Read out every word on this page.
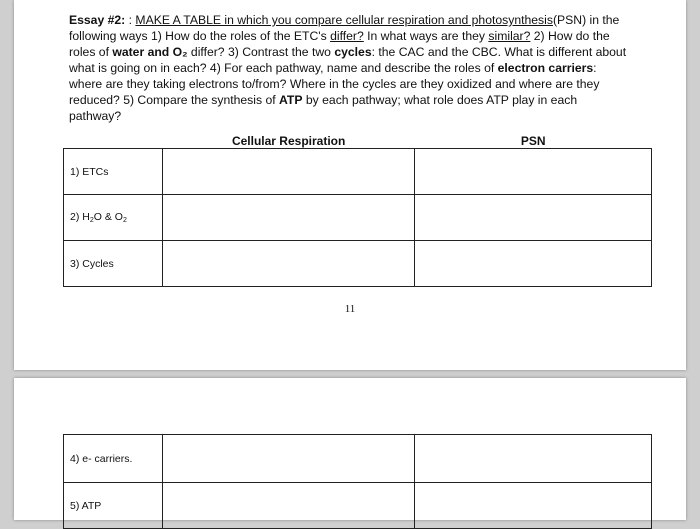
Essay #2: : MAKE A TABLE in which you compare cellular respiration and photosynthesis(PSN) in the following ways 1) How do the roles of the ETC's differ? In what ways are they similar? 2) How do the roles of water and O₂ differ? 3) Contrast the two cycles: the CAC and the CBC. What is different about what is going on in each? 4) For each pathway, name and describe the roles of electron carriers: where are they taking electrons to/from? Where in the cycles are they oxidized and where are they reduced? 5) Compare the synthesis of ATP by each pathway; what role does ATP play in each pathway?
	Cellular Respiration	PSN
1) ETCs		
2) $H_2O$ & $O_2$		
3) Cycles		
11
4) e- carriers.		
5) ATP		
